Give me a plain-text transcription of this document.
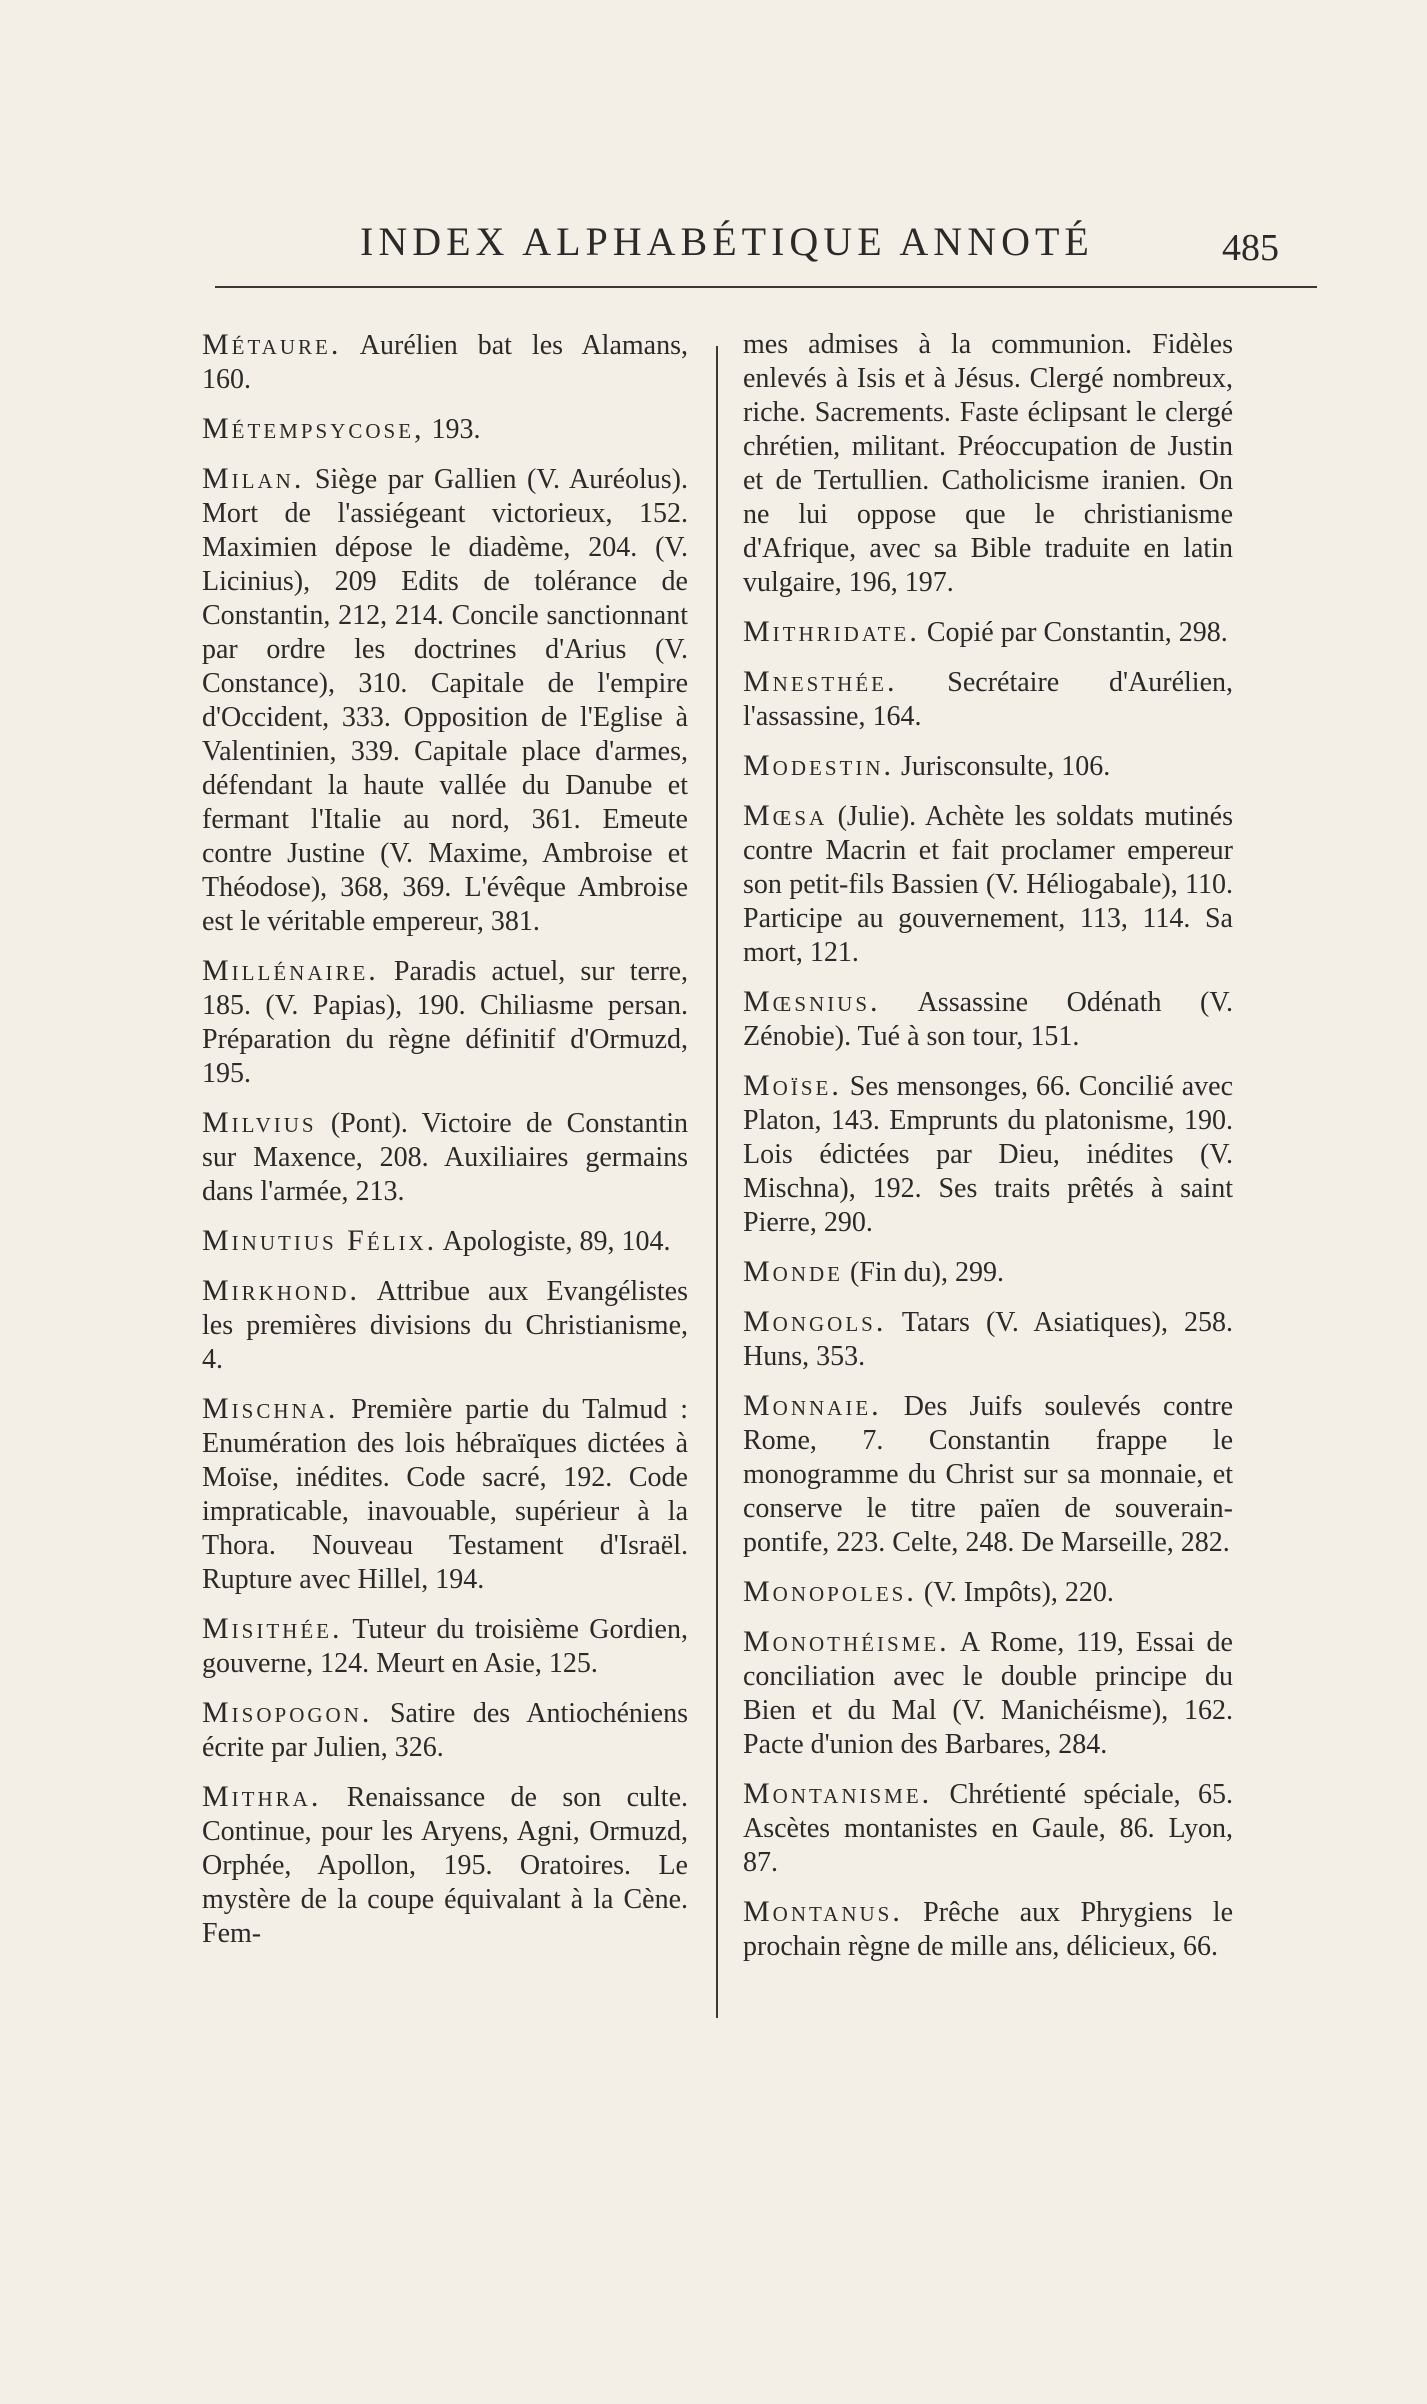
INDEX ALPHABÉTIQUE ANNOTÉ	485
Métaure. Aurélien bat les Alamans, 160.
Métempsycose, 193.
Milan. Siège par Gallien (V. Auréolus). Mort de l'assiégeant victorieux, 152. Maximien dépose le diadème, 204. (V. Licinius), 209 Edits de tolérance de Constantin, 212, 214. Concile sanctionnant par ordre les doctrines d'Arius (V. Constance), 310. Capitale de l'empire d'Occident, 333. Opposition de l'Eglise à Valentinien, 339. Capitale place d'armes, défendant la haute vallée du Danube et fermant l'Italie au nord, 361. Emeute contre Justine (V. Maxime, Ambroise et Théodose), 368, 369. L'évêque Ambroise est le véritable empereur, 381.
Millénaire. Paradis actuel, sur terre, 185. (V. Papias), 190. Chiliasme persan. Préparation du règne définitif d'Ormuzd, 195.
Milvius (Pont). Victoire de Constantin sur Maxence, 208. Auxiliaires germains dans l'armée, 213.
Minutius Félix. Apologiste, 89, 104.
Mirkhond. Attribue aux Evangélistes les premières divisions du Christianisme, 4.
Mischna. Première partie du Talmud : Enumération des lois hébraïques dictées à Moïse, inédites. Code sacré, 192. Code impraticable, inavouable, supérieur à la Thora. Nouveau Testament d'Israël. Rupture avec Hillel, 194.
Misithée. Tuteur du troisième Gordien, gouverne, 124. Meurt en Asie, 125.
Misopogon. Satire des Antiochéniens écrite par Julien, 326.
Mithra. Renaissance de son culte. Continue, pour les Aryens, Agni, Ormuzd, Orphée, Apollon, 195. Oratoires. Le mystère de la coupe équivalant à la Cène. Fem-
mes admises à la communion. Fidèles enlevés à Isis et à Jésus. Clergé nombreux, riche. Sacrements. Faste éclipsant le clergé chrétien, militant. Préoccupation de Justin et de Tertullien. Catholicisme iranien. On ne lui oppose que le christianisme d'Afrique, avec sa Bible traduite en latin vulgaire, 196, 197.
Mithridate. Copié par Constantin, 298.
Mnesthée. Secrétaire d'Aurélien, l'assassine, 164.
Modestin. Jurisconsulte, 106.
Mœsa (Julie). Achète les soldats mutinés contre Macrin et fait proclamer empereur son petit-fils Bassien (V. Héliogabale), 110. Participe au gouvernement, 113, 114. Sa mort, 121.
Mœsnius. Assassine Odénath (V. Zénobie). Tué à son tour, 151.
Moïse. Ses mensonges, 66. Concilié avec Platon, 143. Emprunts du platonisme, 190. Lois édictées par Dieu, inédites (V. Mischna), 192. Ses traits prêtés à saint Pierre, 290.
Monde (Fin du), 299.
Mongols. Tatars (V. Asiatiques), 258. Huns, 353.
Monnaie. Des Juifs soulevés contre Rome, 7. Constantin frappe le monogramme du Christ sur sa monnaie, et conserve le titre païen de souverain-pontife, 223. Celte, 248. De Marseille, 282.
Monopoles. (V. Impôts), 220.
Monothéisme. A Rome, 119, Essai de conciliation avec le double principe du Bien et du Mal (V. Manichéisme), 162. Pacte d'union des Barbares, 284.
Montanisme. Chrétienté spéciale, 65. Ascètes montanistes en Gaule, 86. Lyon, 87.
Montanus. Prêche aux Phrygiens le prochain règne de mille ans, délicieux, 66.
